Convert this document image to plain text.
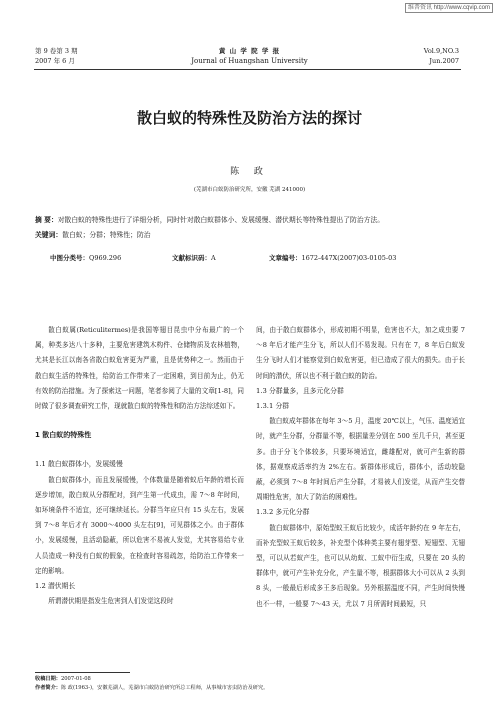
维普资讯 http://www.cqvip.com
第 9 卷第 3 期
2007 年 6 月
黄 山 学 院 学 报
Journal of Huangshan University
Vol.9,NO.3
Jun.2007
散白蚁的特殊性及防治方法的探讨
陈 政
(芜湖市白蚁防治研究所，安徽 芜湖 241000)
摘 要：对散白蚁的特殊性进行了详细分析，同时针对散白蚁群体小、发展缓慢、潜伏期长等特殊性提出了防治方法。
关键词：散白蚁；分群；特殊性；防治
中图分类号：Q969.296	文献标识码：A	文章编号：1672-447X(2007)03-0105-03

散白蚁属(Reticulitermes)是我国等翅目昆虫中分布最广的一个属，种类多达八十多种，主要危害建筑木构件、仓储物质及农林植物，尤其是长江以南各省散白蚁危害更为严重，且是优势种之一。然而由于散白蚁生活的特殊性，给防治工作带来了一定困难，到目前为止，仍无有效的防治措施。为了探索这一问题，笔者参阅了大量的文章[1-8]，同时做了很多调查研究工作，现就散白蚁的特殊性和防治方法综述如下。

1 散白蚁的特殊性

1.1 散白蚁群体小，发展缓慢

散白蚁群体小，而且发展缓慢，个体数量是随着蚁后年龄的增长而逐步增加，散白蚁从分群配对，到产生第一代成虫，需 7～8 年时间，如环境条件不适宜，还可继续延长。分群当年应只有 15 头左右，发展到 7～8 年后才有 3000～4000 头左右[9]，可见群体之小。由于群体小，发展缓慢，且活动隐蔽，所以危害不易被人发觉，尤其容易给专业人员造成一种没有白蚁的假象，在检查时容易疏忽，给防治工作带来一定的影响。

1.2 潜伏期长

所谓潜伏期是指发生危害到人们发觉这段时

间，由于散白蚁群体小，形成初期不明显，危害也不大，加之成虫要 7～8 年后才能产生分飞，所以人们不易发现。只有在 7，8 年后白蚁发生分飞时人们才能察觉到白蚁危害更，但已造成了很大的损失。由于长时间的潜伏，所以也不利于散白蚁的防治。

1.3 分群量多，且多元化分群

1.3.1 分群

散白蚁成年群体在每年 3～5 月，温度 20℃以上，气压、温度适宜时，就产生分群，分群量不等，根据量差分别在 500 至几千只，甚至更多。由于分飞个体较多，只要环境适宜，雌雄配对，就可产生新的群体，据观察成活率约为 2%左右。新群体形成后，群体小，活动较隐蔽，必须到 7～8 年时间后产生分群，才易被人们发觉，从而产生交替周期性危害，加大了防治的困难性。

1.3.2 多元化分群

散白蚁群体中，原始型蚁王蚁后比较少，成活年龄约在 9 年左右，而补充型蚁王蚁后较多，补充型个体种类主要有翅芽型、短翅型、无翅型，可以从若蚁产生，也可以从幼蚁、工蚁中衍生成，只要在 20 头的群体中，就可产生补充分化，产生量不等，根据群体大小可以从 2 头到 8 头，一般最后形成多王多后现象。另外根据温度不同，产生时间快慢也不一样，一般要 7～43 天，尤以 7 月所需时间最短，只

收稿日期：2007-01-08
作者简介：陈 政(1963-)，安徽芜湖人，芜湖市白蚁防治研究所总工程师，从事城市害虫防治及研究。
